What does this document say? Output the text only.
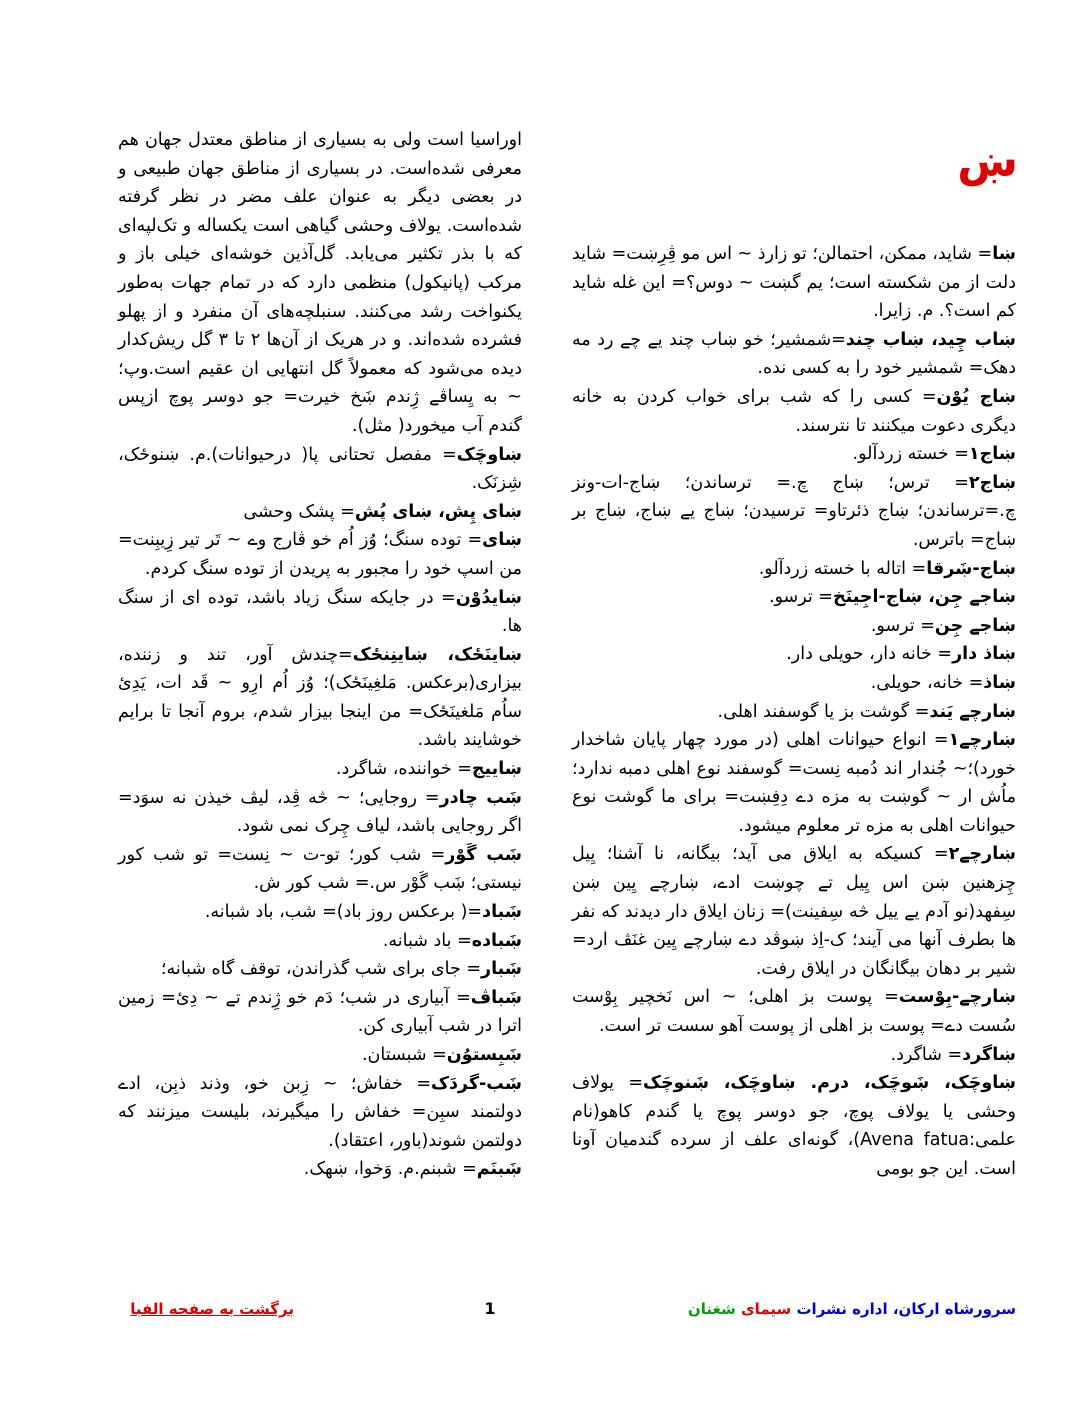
ښ

ښا= شاید، ممکن، احتمالن؛ تو زارذ ~ اس مو ڤِرِښت= شاید دلت از من شکسته است؛ یم گښت ~ دوس؟= این غله شاید کم است؟. م. زایرا.

ښاب چِید، ښاب چند=شمشیر؛ خو ښاب چند یے چے رد مه دهک= شمشیر خود را به کسی نده.

ښاج یُوْن= کسی را که شب برای خواب کردن به خانه دیگری دعوت میکنند تا نترسند.

ښاج۱= خسته زردآلو.

ښاج۲= ترس؛ ښاج چ.= ترساندن؛ ښاج-ات-ونز چ.=ترساندن؛ ښاج ذئرتاو= ترسیدن؛ ښاج یے ښاج، ښاج بر ښاج= باترس.

ښاج-ښَرقا= اتاله با خسته زردآلو.

ښاجے جِن، ښاج-اجِینَخ= ترسو.

ښاجے جِن= ترسو.

ښاذ دار= خانه دار، حویلی دار.

ښاذ= خانه، حویلی.

ښارچے یَند= گوشت بز یا گوسفند اهلی.

ښارچے۱= انواع حیوانات اهلی (در مورد چهار پایان شاخدار خورد)؛~ جُندار اند دُمبه نِست= گوسفند نوع اهلی دمبه ندارد؛ ماُش ار ~ گوښت به مزه دے دِفِښت= برای ما گوشت نوع حیوانات اهلی به مزه تر معلوم میشود.

ښارچے۲= کسیکه به ایلاق می آید؛ بیگانه، نا آشنا؛ یِیل چِزهنین ښن اس یِیل تے چوښت ادے، ښارچے یِین ښن سِفهد(نو آدم یے ییل څه سِفینت)= زنان ایلاق دار دیدند که نفر ها بطرف آنها می آیند؛ ک-اِذ ښوڤد دے ښارچے یِین غنَڤ ارد= شیر بر دهان بیگانگان در ایلاق رفت.

ښارچے-بِوْست= پوست بز اهلی؛ ~ اس نَخچیر بِوْست سُست دے= پوست بز اهلی از پوست آهو سست تر است.

ښاگرد= شاگرد.

ښاوچَک، ښَوچَک، درم. ښاوچَک، ښَنوچَک= یولاف وحشی یا یولاف پوچ، جو دوسر پوچ یا گندم کاهو(نام علمی:Avena fatua)، گونه‌ای علف از سرده گندمیان آونا است. این جو بومی

اوراسیا است ولی به بسیاری از مناطق معتدل جهان هم معرفی شده‌است. در بسیاری از مناطق جهان طبیعی و در بعضی دیگر به عنوان علف مضر در نظر گرفته شده‌است. یولاف وحشی گیاهی است یکساله و تک‌لپه‌ای که با بذر تکثیر می‌یابد. گل‌آذین خوشه‌ای خیلی باز و مرکب (پانیکول) منظمی دارد که در تمام جهات به‌طور یکنواخت رشد می‌کنند. سنبلچه‌های آن منفرد و از پهلو فشرده شده‌اند. و در هریک از آن‌ها ۲ تا ۳ گل ریش‌کدار دیده می‌شود که معمولاً گل انتهایی ان عقیم است.وپ؛ ~ به یِساڤے ژِندم ښَخ خیرت= جو دوسر پوچ ازپس گندم آب میخورد( مثل).

ښاوچَک= مفصل تحتانی پا( درحیوانات).م. ښنوځک، شِزنَک.

ښای پِش، ښای پُش= پشک وحشی

ښای= توده سنگ؛ وُز اُم خو ڤارج وے ~ تَر تیر زِیبِنت= من اسپ خود را مجبور به پریدن از توده سنگ کردم.

ښایدُوْن= در جایکه سنگ زیاد باشد، توده ای از سنگ ها.

ښاینَځک، ښاینِنځک=چندش آور، تند و زننده، بیزاری(برعکس. مَلغِینَځک)؛ وُز اُم ارِو ~ قَد ات، یَدِئ ساُم مَلغینَځک= من اینجا بیزار شدم، بروم آنجا تا برایم خوشایند باشد.

ښاییج= خواننده، شاگرد.

ښَب چادر= روجایی؛ ~ څه ڤِد، لیڤ خیذن نه سوَد= اگر روجایی باشد، لیاف چِرک نمی شود.

ښَب گَوْر= شب کور؛ تو-ت ~ نِست= تو شب کور نیستی؛ ښَب گَوْر س.= شب کور ش.

ښَباد=( برعکس روز باد)= شب، باد شبانه.

ښَباده= باد شبانه.

ښَبار= جای برای شب گذراندن، توقف گاه شبانه؛

ښَباڤ= آبیاری در شب؛ دَم خو ژِندم تے ~ دِئ= زمین اترا در شب آبیاری کن.

ښَبِستوُن= شبستان.

ښَب-گردَک= خفاش؛ ~ زِبن خو، وذند ذبِن، ادے دولتمند سبِن= خفاش را میگیرند، بلیست میزنند که دولتمن شوند(باور، اعتقاد).

ښَبنَم= شبنم.م. وَخوا، ښهک.

سرورشاه ارکان، اداره نشرات سیمای شغنان
1
برگشت به صفحه الفبا
